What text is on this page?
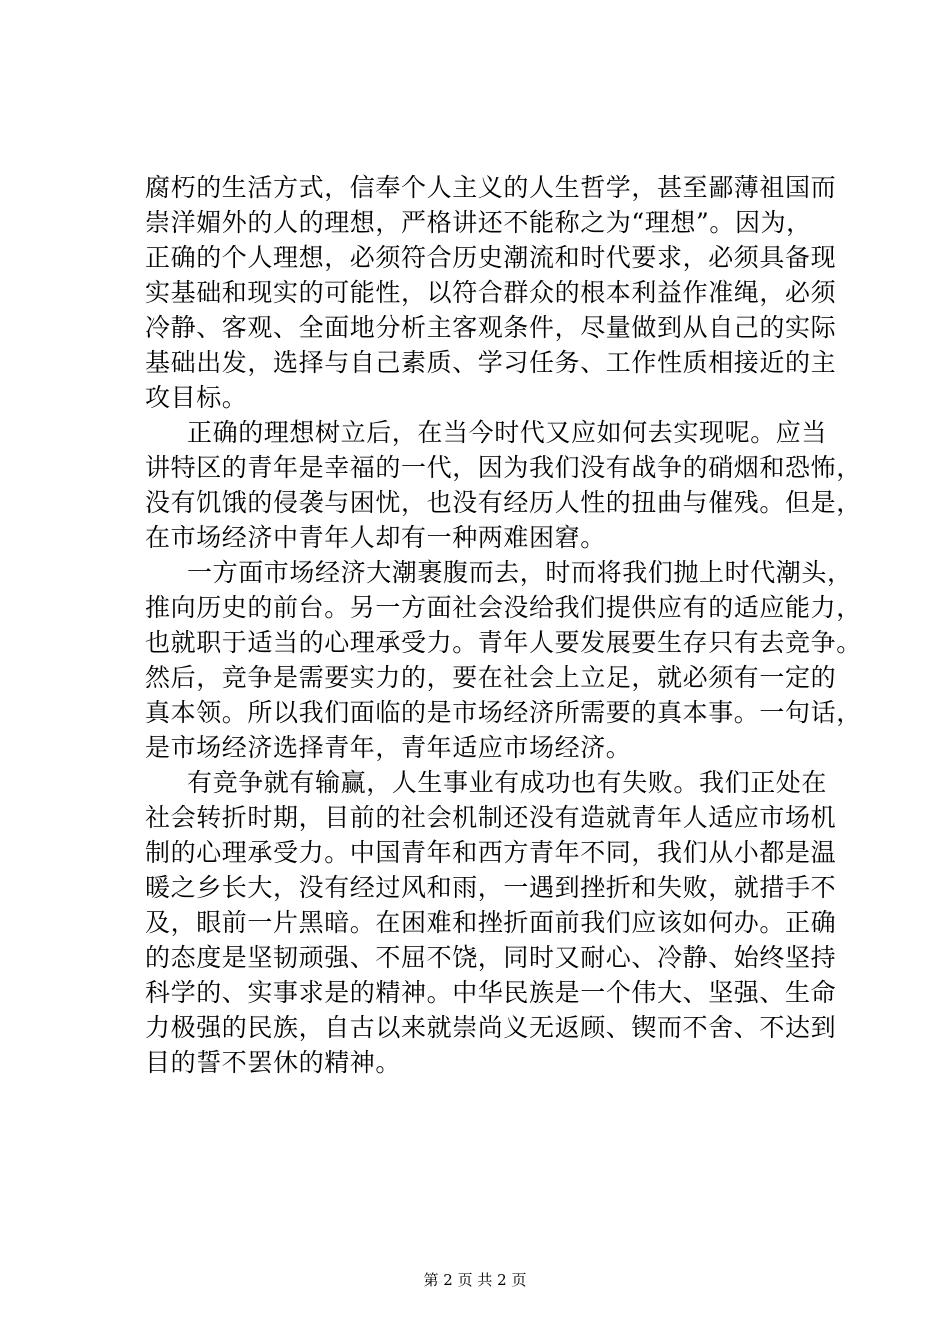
腐朽的生活方式，信奉个人主义的人生哲学，甚至鄙薄祖国而
崇洋媚外的人的理想，严格讲还不能称之为“理想”。因为，
正确的个人理想，必须符合历史潮流和时代要求，必须具备现
实基础和现实的可能性，以符合群众的根本利益作准绳，必须
冷静、客观、全面地分析主客观条件，尽量做到从自己的实际
基础出发，选择与自己素质、学习任务、工作性质相接近的主
攻目标。
正确的理想树立后，在当今时代又应如何去实现呢。应当
讲特区的青年是幸福的一代，因为我们没有战争的硝烟和恐怖，
没有饥饿的侵袭与困忧，也没有经历人性的扭曲与催残。但是，
在市场经济中青年人却有一种两难困窘。
一方面市场经济大潮裹腹而去，时而将我们抛上时代潮头，
推向历史的前台。另一方面社会没给我们提供应有的适应能力，
也就职于适当的心理承受力。青年人要发展要生存只有去竞争。
然后，竞争是需要实力的，要在社会上立足，就必须有一定的
真本领。所以我们面临的是市场经济所需要的真本事。一句话，
是市场经济选择青年，青年适应市场经济。
有竞争就有输赢，人生事业有成功也有失败。我们正处在
社会转折时期，目前的社会机制还没有造就青年人适应市场机
制的心理承受力。中国青年和西方青年不同，我们从小都是温
暖之乡长大，没有经过风和雨，一遇到挫折和失败，就措手不
及，眼前一片黑暗。在困难和挫折面前我们应该如何办。正确
的态度是坚韧顽强、不屈不饶，同时又耐心、冷静、始终坚持
科学的、实事求是的精神。中华民族是一个伟大、坚强、生命
力极强的民族，自古以来就崇尚义无返顾、锲而不舍、不达到
目的誓不罢休的精神。
第 2 页 共 2 页
